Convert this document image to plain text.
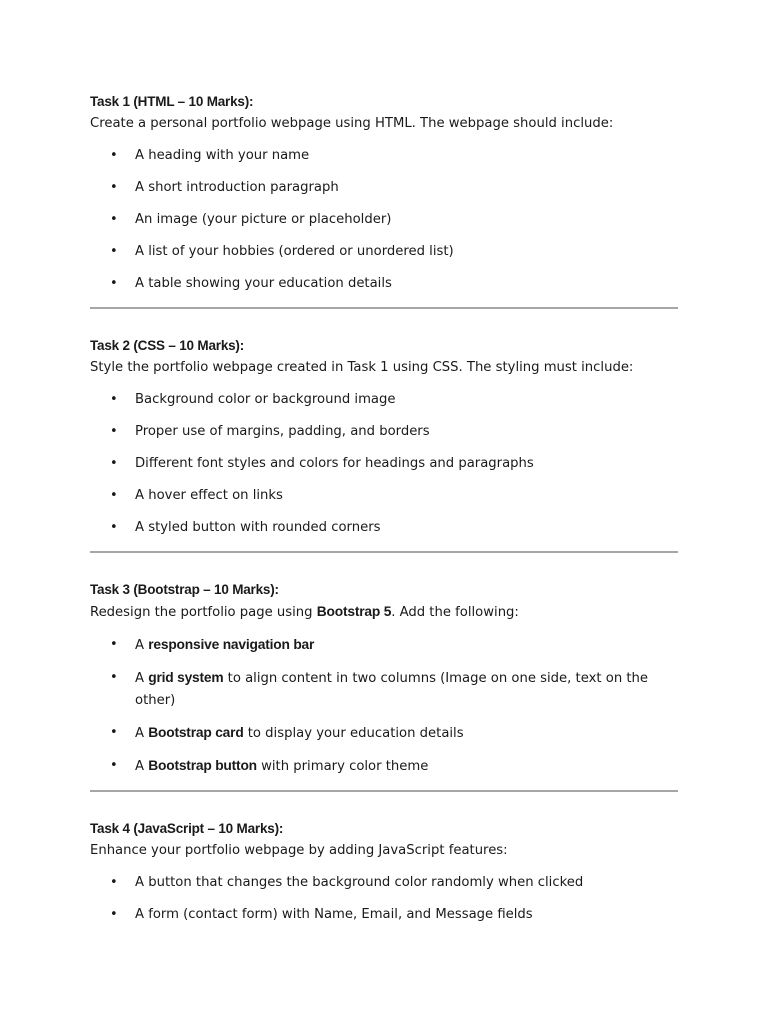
Task 1 (HTML – 10 Marks):

Create a personal portfolio webpage using HTML. The webpage should include:

• A heading with your name
• A short introduction paragraph
• An image (your picture or placeholder)
• A list of your hobbies (ordered or unordered list)
• A table showing your education details

Task 2 (CSS – 10 Marks):

Style the portfolio webpage created in Task 1 using CSS. The styling must include:

• Background color or background image
• Proper use of margins, padding, and borders
• Different font styles and colors for headings and paragraphs
• A hover effect on links
• A styled button with rounded corners

Task 3 (Bootstrap – 10 Marks):

Redesign the portfolio page using Bootstrap 5. Add the following:

• A responsive navigation bar
• A grid system to align content in two columns (Image on one side, text on the other)
• A Bootstrap card to display your education details
• A Bootstrap button with primary color theme

Task 4 (JavaScript – 10 Marks):

Enhance your portfolio webpage by adding JavaScript features:

• A button that changes the background color randomly when clicked
• A form (contact form) with Name, Email, and Message fields
